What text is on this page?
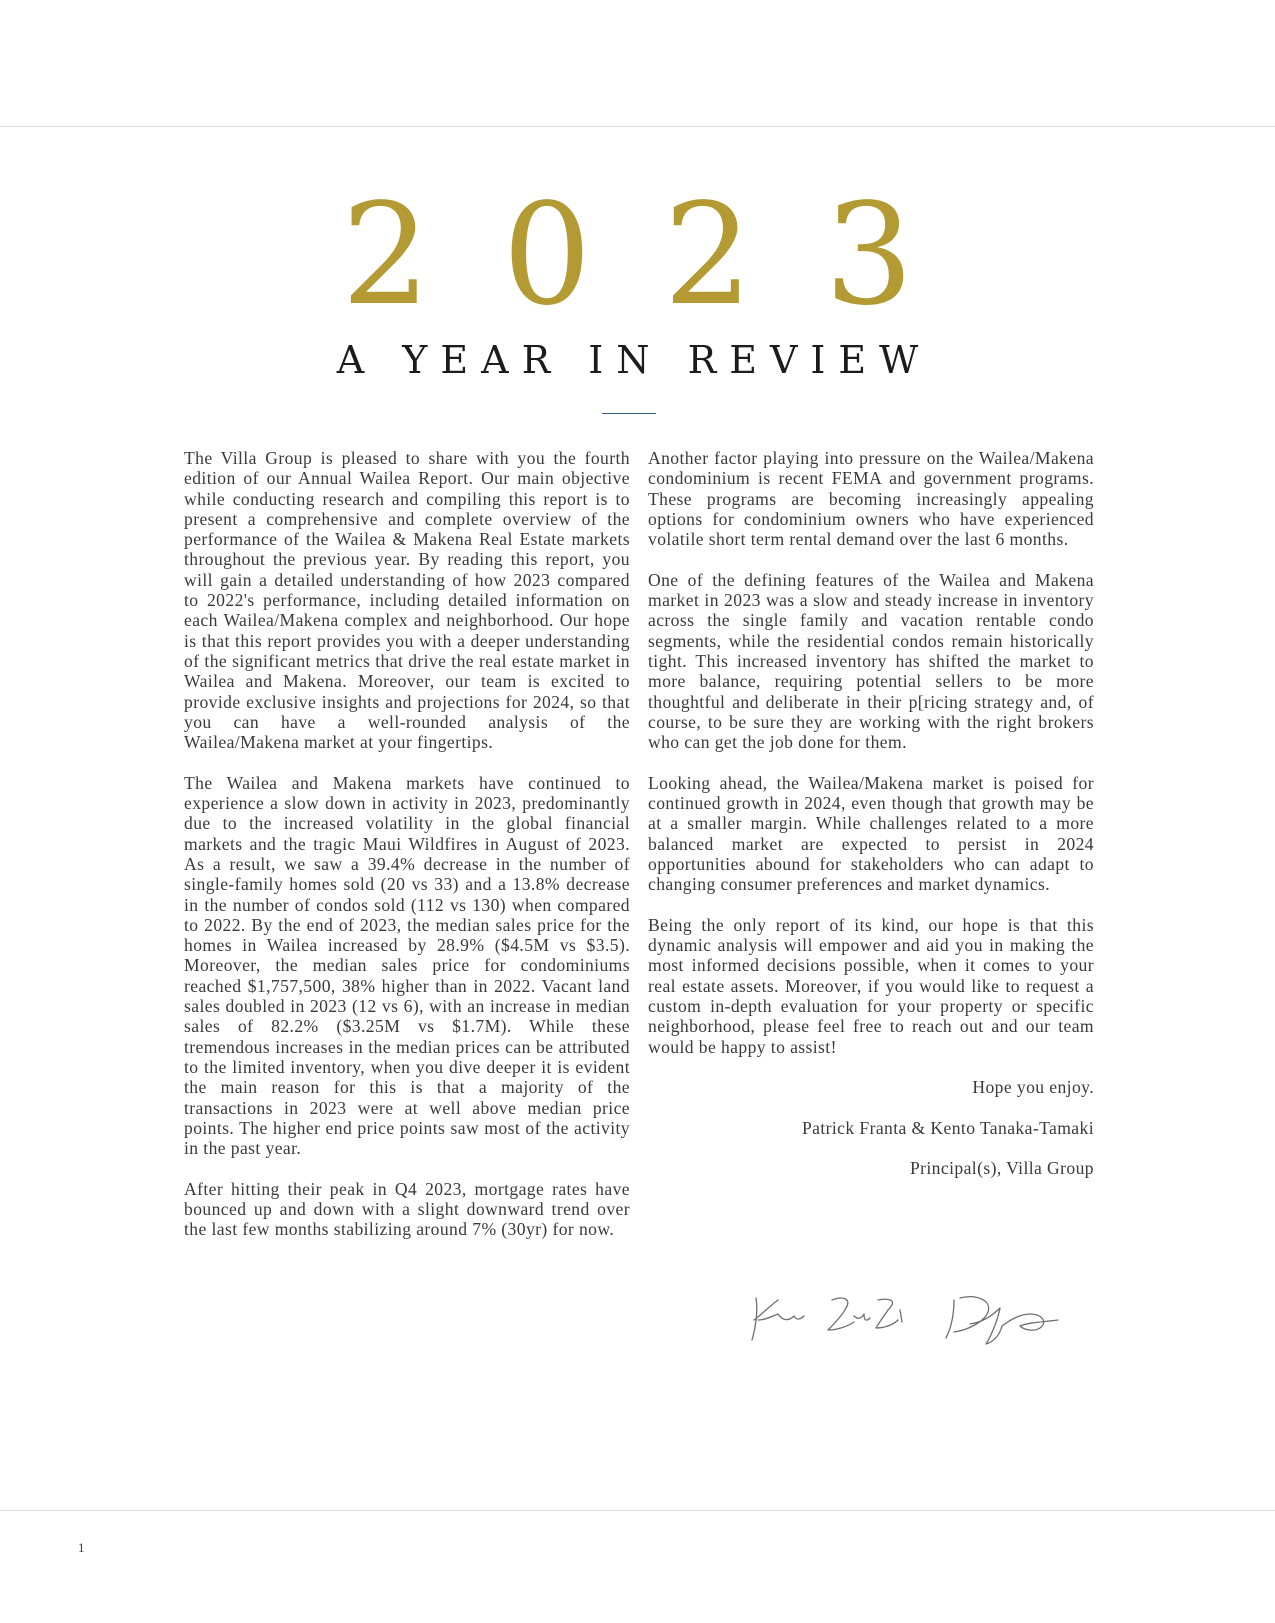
2023
A YEAR IN REVIEW

The Villa Group is pleased to share with you the fourth edition of our Annual Wailea Report. Our main objective while conducting research and compiling this report is to present a comprehensive and complete overview of the performance of the Wailea & Makena Real Estate markets throughout the previous year. By reading this report, you will gain a detailed understanding of how 2023 compared to 2022's performance, including detailed information on each Wailea/Makena complex and neighborhood. Our hope is that this report provides you with a deeper understanding of the significant metrics that drive the real estate market in Wailea and Makena. Moreover, our team is excited to provide exclusive insights and projections for 2024, so that you can have a well-rounded analysis of the Wailea/Makena market at your fingertips.

The Wailea and Makena markets have continued to experience a slow down in activity in 2023, predominantly due to the increased volatility in the global financial markets and the tragic Maui Wildfires in August of 2023. As a result, we saw a 39.4% decrease in the number of single-family homes sold (20 vs 33) and a 13.8% decrease in the number of condos sold (112 vs 130) when compared to 2022. By the end of 2023, the median sales price for the homes in Wailea increased by 28.9% ($4.5M vs $3.5). Moreover, the median sales price for condominiums reached $1,757,500, 38% higher than in 2022. Vacant land sales doubled in 2023 (12 vs 6), with an increase in median sales of 82.2% ($3.25M vs $1.7M). While these tremendous increases in the median prices can be attributed to the limited inventory, when you dive deeper it is evident the main reason for this is that a majority of the transactions in 2023 were at well above median price points. The higher end price points saw most of the activity in the past year.

After hitting their peak in Q4 2023, mortgage rates have bounced up and down with a slight downward trend over the last few months stabilizing around 7% (30yr) for now.

Another factor playing into pressure on the Wailea/Makena condominium is recent FEMA and government programs. These programs are becoming increasingly appealing options for condominium owners who have experienced volatile short term rental demand over the last 6 months.

One of the defining features of the Wailea and Makena market in 2023 was a slow and steady increase in inventory across the single family and vacation rentable condo segments, while the residential condos remain historically tight. This increased inventory has shifted the market to more balance, requiring potential sellers to be more thoughtful and deliberate in their p[ricing strategy and, of course, to be sure they are working with the right brokers who can get the job done for them.

Looking ahead, the Wailea/Makena market is poised for continued growth in 2024, even though that growth may be at a smaller margin. While challenges related to a more balanced market are expected to persist in 2024 opportunities abound for stakeholders who can adapt to changing consumer preferences and market dynamics.

Being the only report of its kind, our hope is that this dynamic analysis will empower and aid you in making the most informed decisions possible, when it comes to your real estate assets. Moreover, if you would like to request a custom in-depth evaluation for your property or specific neighborhood, please feel free to reach out and our team would be happy to assist!

Hope you enjoy.
Patrick Franta & Kento Tanaka-Tamaki
Principal(s), Villa Group
1
